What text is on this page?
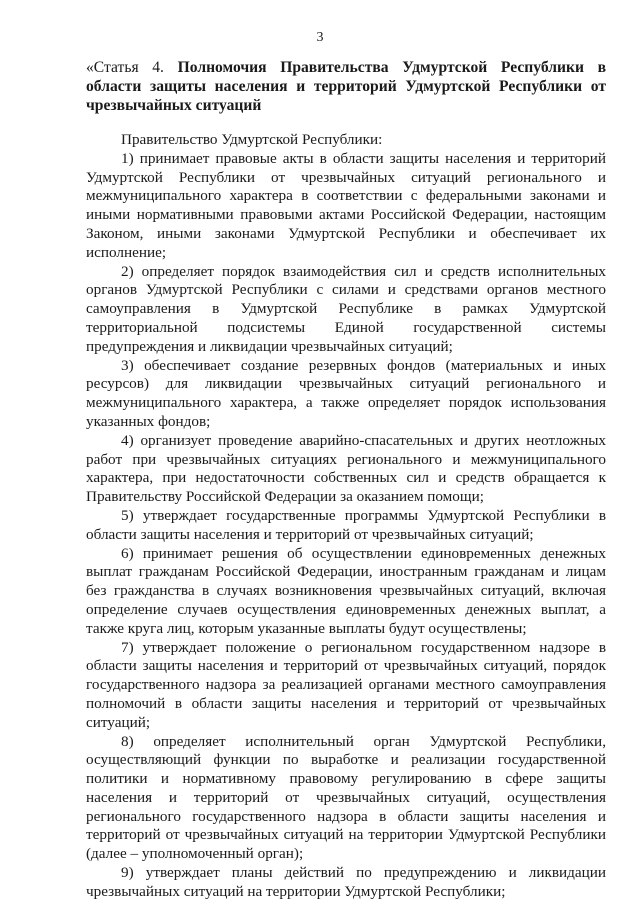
3
«Статья 4. Полномочия Правительства Удмуртской Республики в области защиты населения и территорий Удмуртской Республики от чрезвычайных ситуаций

Правительство Удмуртской Республики:

1) принимает правовые акты в области защиты населения и территорий Удмуртской Республики от чрезвычайных ситуаций регионального и межмуниципального характера в соответствии с федеральными законами и иными нормативными правовыми актами Российской Федерации, настоящим Законом, иными законами Удмуртской Республики и обеспечивает их исполнение;

2) определяет порядок взаимодействия сил и средств исполнительных органов Удмуртской Республики с силами и средствами органов местного самоуправления в Удмуртской Республике в рамках Удмуртской территориальной подсистемы Единой государственной системы предупреждения и ликвидации чрезвычайных ситуаций;

3) обеспечивает создание резервных фондов (материальных и иных ресурсов) для ликвидации чрезвычайных ситуаций регионального и межмуниципального характера, а также определяет порядок использования указанных фондов;

4) организует проведение аварийно-спасательных и других неотложных работ при чрезвычайных ситуациях регионального и межмуниципального характера, при недостаточности собственных сил и средств обращается к Правительству Российской Федерации за оказанием помощи;

5) утверждает государственные программы Удмуртской Республики в области защиты населения и территорий от чрезвычайных ситуаций;

6) принимает решения об осуществлении единовременных денежных выплат гражданам Российской Федерации, иностранным гражданам и лицам без гражданства в случаях возникновения чрезвычайных ситуаций, включая определение случаев осуществления единовременных денежных выплат, а также круга лиц, которым указанные выплаты будут осуществлены;

7) утверждает положение о региональном государственном надзоре в области защиты населения и территорий от чрезвычайных ситуаций, порядок государственного надзора за реализацией органами местного самоуправления полномочий в области защиты населения и территорий от чрезвычайных ситуаций;

8) определяет исполнительный орган Удмуртской Республики, осуществляющий функции по выработке и реализации государственной политики и нормативному правовому регулированию в сфере защиты населения и территорий от чрезвычайных ситуаций, осуществления регионального государственного надзора в области защиты населения и территорий от чрезвычайных ситуаций на территории Удмуртской Республики (далее – уполномоченный орган);

9) утверждает планы действий по предупреждению и ликвидации чрезвычайных ситуаций на территории Удмуртской Республики;
